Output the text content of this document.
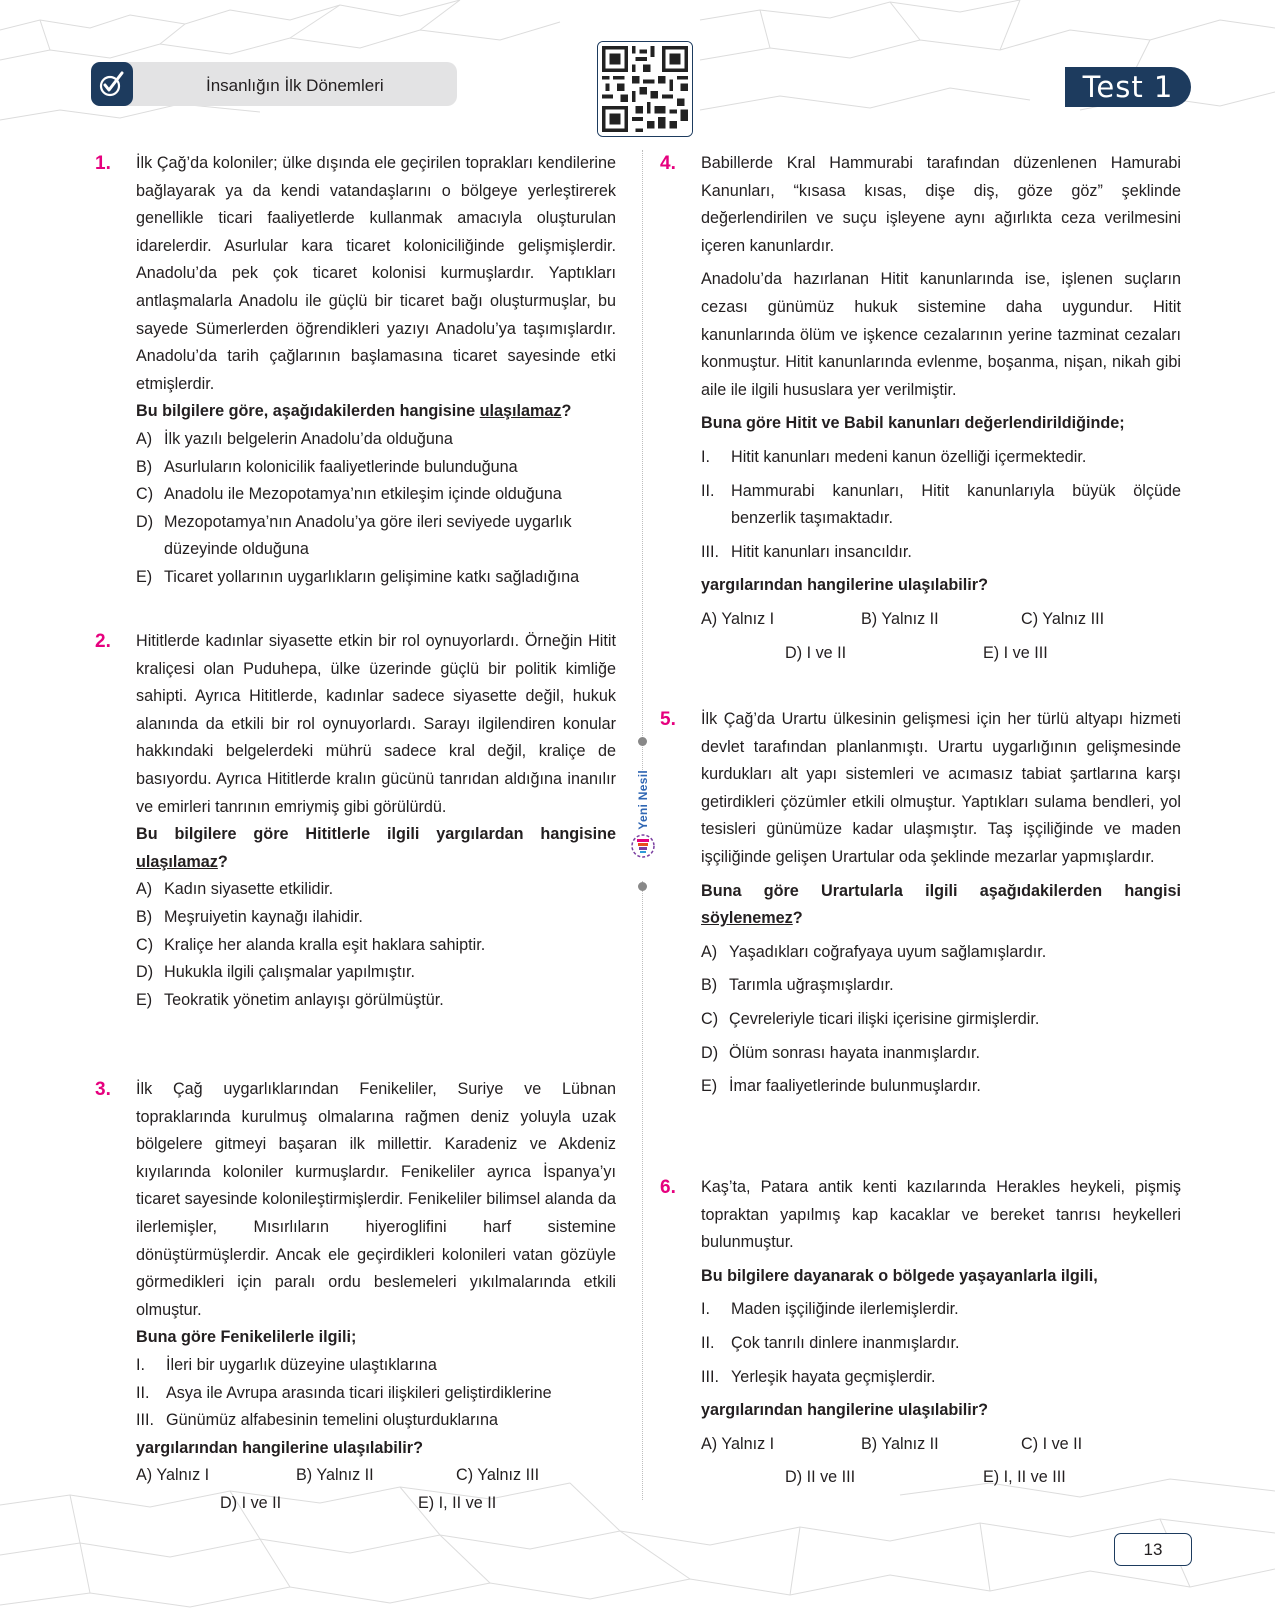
İnsanlığın İlk Dönemleri	Test 1
Yeni Nesil
1. İlk Çağ’da koloniler; ülke dışında ele geçirilen toprakları kendilerine bağlayarak ya da kendi vatandaşlarını o bölgeye yerleştirerek genellikle ticari faaliyetlerde kullanmak amacıyla oluşturulan idarelerdir. Asurlular kara ticaret koloniciliğinde gelişmişlerdir. Anadolu’da pek çok ticaret kolonisi kurmuşlardır. Yaptıkları antlaşmalarla Anadolu ile güçlü bir ticaret bağı oluşturmuşlar, bu sayede Sümerlerden öğrendikleri yazıyı Anadolu’ya taşımışlardır. Anadolu’da tarih çağlarının başlamasına ticaret sayesinde etki etmişlerdir.

Bu bilgilere göre, aşağıdakilerden hangisine ulaşılamaz?

A) İlk yazılı belgelerin Anadolu’da olduğuna
B) Asurluların kolonicilik faaliyetlerinde bulunduğuna
C) Anadolu ile Mezopotamya’nın etkileşim içinde olduğuna
D) Mezopotamya’nın Anadolu’ya göre ileri seviyede uygarlık düzeyinde olduğuna
E) Ticaret yollarının uygarlıkların gelişimine katkı sağladığına
2. Hititlerde kadınlar siyasette etkin bir rol oynuyorlardı. Örneğin Hitit kraliçesi olan Puduhepa, ülke üzerinde güçlü bir politik kimliğe sahipti. Ayrıca Hititlerde, kadınlar sadece siyasette değil, hukuk alanında da etkili bir rol oynuyorlardı. Sarayı ilgilendiren konular hakkındaki belgelerdeki mührü sadece kral değil, kraliçe de basıyordu. Ayrıca Hititlerde kralın gücünü tanrıdan aldığına inanılır ve emirleri tanrının emriymiş gibi görülürdü.

Bu bilgilere göre Hititlerle ilgili yargılardan hangisine ulaşılamaz?

A) Kadın siyasette etkilidir.
B) Meşruiyetin kaynağı ilahidir.
C) Kraliçe her alanda kralla eşit haklara sahiptir.
D) Hukukla ilgili çalışmalar yapılmıştır.
E) Teokratik yönetim anlayışı görülmüştür.
3. İlk Çağ uygarlıklarından Fenikeliler, Suriye ve Lübnan topraklarında kurulmuş olmalarına rağmen deniz yoluyla uzak bölgelere gitmeyi başaran ilk millettir. Karadeniz ve Akdeniz kıyılarında koloniler kurmuşlardır. Fenikeliler ayrıca İspanya’yı ticaret sayesinde kolonileştirmişlerdir. Fenikeliler bilimsel alanda da ilerlemişler, Mısırlıların hiyeroglifini harf sistemine dönüştürmüşlerdir. Ancak ele geçirdikleri kolonileri vatan gözüyle görmedikleri için paralı ordu beslemeleri yıkılmalarında etkili olmuştur.

Buna göre Fenikelilerle ilgili;

I.	İleri bir uygarlık düzeyine ulaştıklarına
II.	Asya ile Avrupa arasında ticari ilişkileri geliştirdiklerine
III. Günümüz alfabesinin temelini oluşturduklarına

yargılarından hangilerine ulaşılabilir?

A) Yalnız I	B) Yalnız II	C) Yalnız III
D) I ve II	E) I, II ve II
4. Babillerde Kral Hammurabi tarafından düzenlenen Hamurabi Kanunları, “kısasa kısas, dişe diş, göze göz” şeklinde değerlendirilen ve suçu işleyene aynı ağırlıkta ceza verilmesini içeren kanunlardır.

Anadolu’da hazırlanan Hitit kanunlarında ise, işlenen suçların cezası günümüz hukuk sistemine daha uygundur. Hitit kanunlarında ölüm ve işkence cezalarının yerine tazminat cezaları konmuştur. Hitit kanunlarında evlenme, boşanma, nişan, nikah gibi aile ile ilgili hususlara yer verilmiştir.

Buna göre Hitit ve Babil kanunları değerlendirildiğinde;

I.	Hitit kanunları medeni kanun özelliği içermektedir.
II.	Hammurabi kanunları, Hitit kanunlarıyla büyük ölçüde benzerlik taşımaktadır.
III. Hitit kanunları insancıldır.

yargılarından hangilerine ulaşılabilir?

A) Yalnız I	B) Yalnız II	C) Yalnız III
D) I ve II	E) I ve III
5. İlk Çağ’da Urartu ülkesinin gelişmesi için her türlü altyapı hizmeti devlet tarafından planlanmıştı. Urartu uygarlığının gelişmesinde kurdukları alt yapı sistemleri ve acımasız tabiat şartlarına karşı getirdikleri çözümler etkili olmuştur. Yaptıkları sulama bendleri, yol tesisleri günümüze kadar ulaşmıştır. Taş işçiliğinde ve maden işçiliğinde gelişen Urartular oda şeklinde mezarlar yapmışlardır.

Buna göre Urartularla ilgili aşağıdakilerden hangisi söylenemez?

A) Yaşadıkları coğrafyaya uyum sağlamışlardır.
B) Tarımla uğraşmışlardır.
C) Çevreleriyle ticari ilişki içerisine girmişlerdir.
D) Ölüm sonrası hayata inanmışlardır.
E) İmar faaliyetlerinde bulunmuşlardır.
6. Kaş’ta, Patara antik kenti kazılarında Herakles heykeli, pişmiş topraktan yapılmış kap kacaklar ve bereket tanrısı heykelleri bulunmuştur.

Bu bilgilere dayanarak o bölgede yaşayanlarla ilgili,

I.	Maden işçiliğinde ilerlemişlerdir.
II.	Çok tanrılı dinlere inanmışlardır.
III. Yerleşik hayata geçmişlerdir.

yargılarından hangilerine ulaşılabilir?

A) Yalnız I	B) Yalnız II	C) I ve II
D) II ve III	E) I, II ve III
13
